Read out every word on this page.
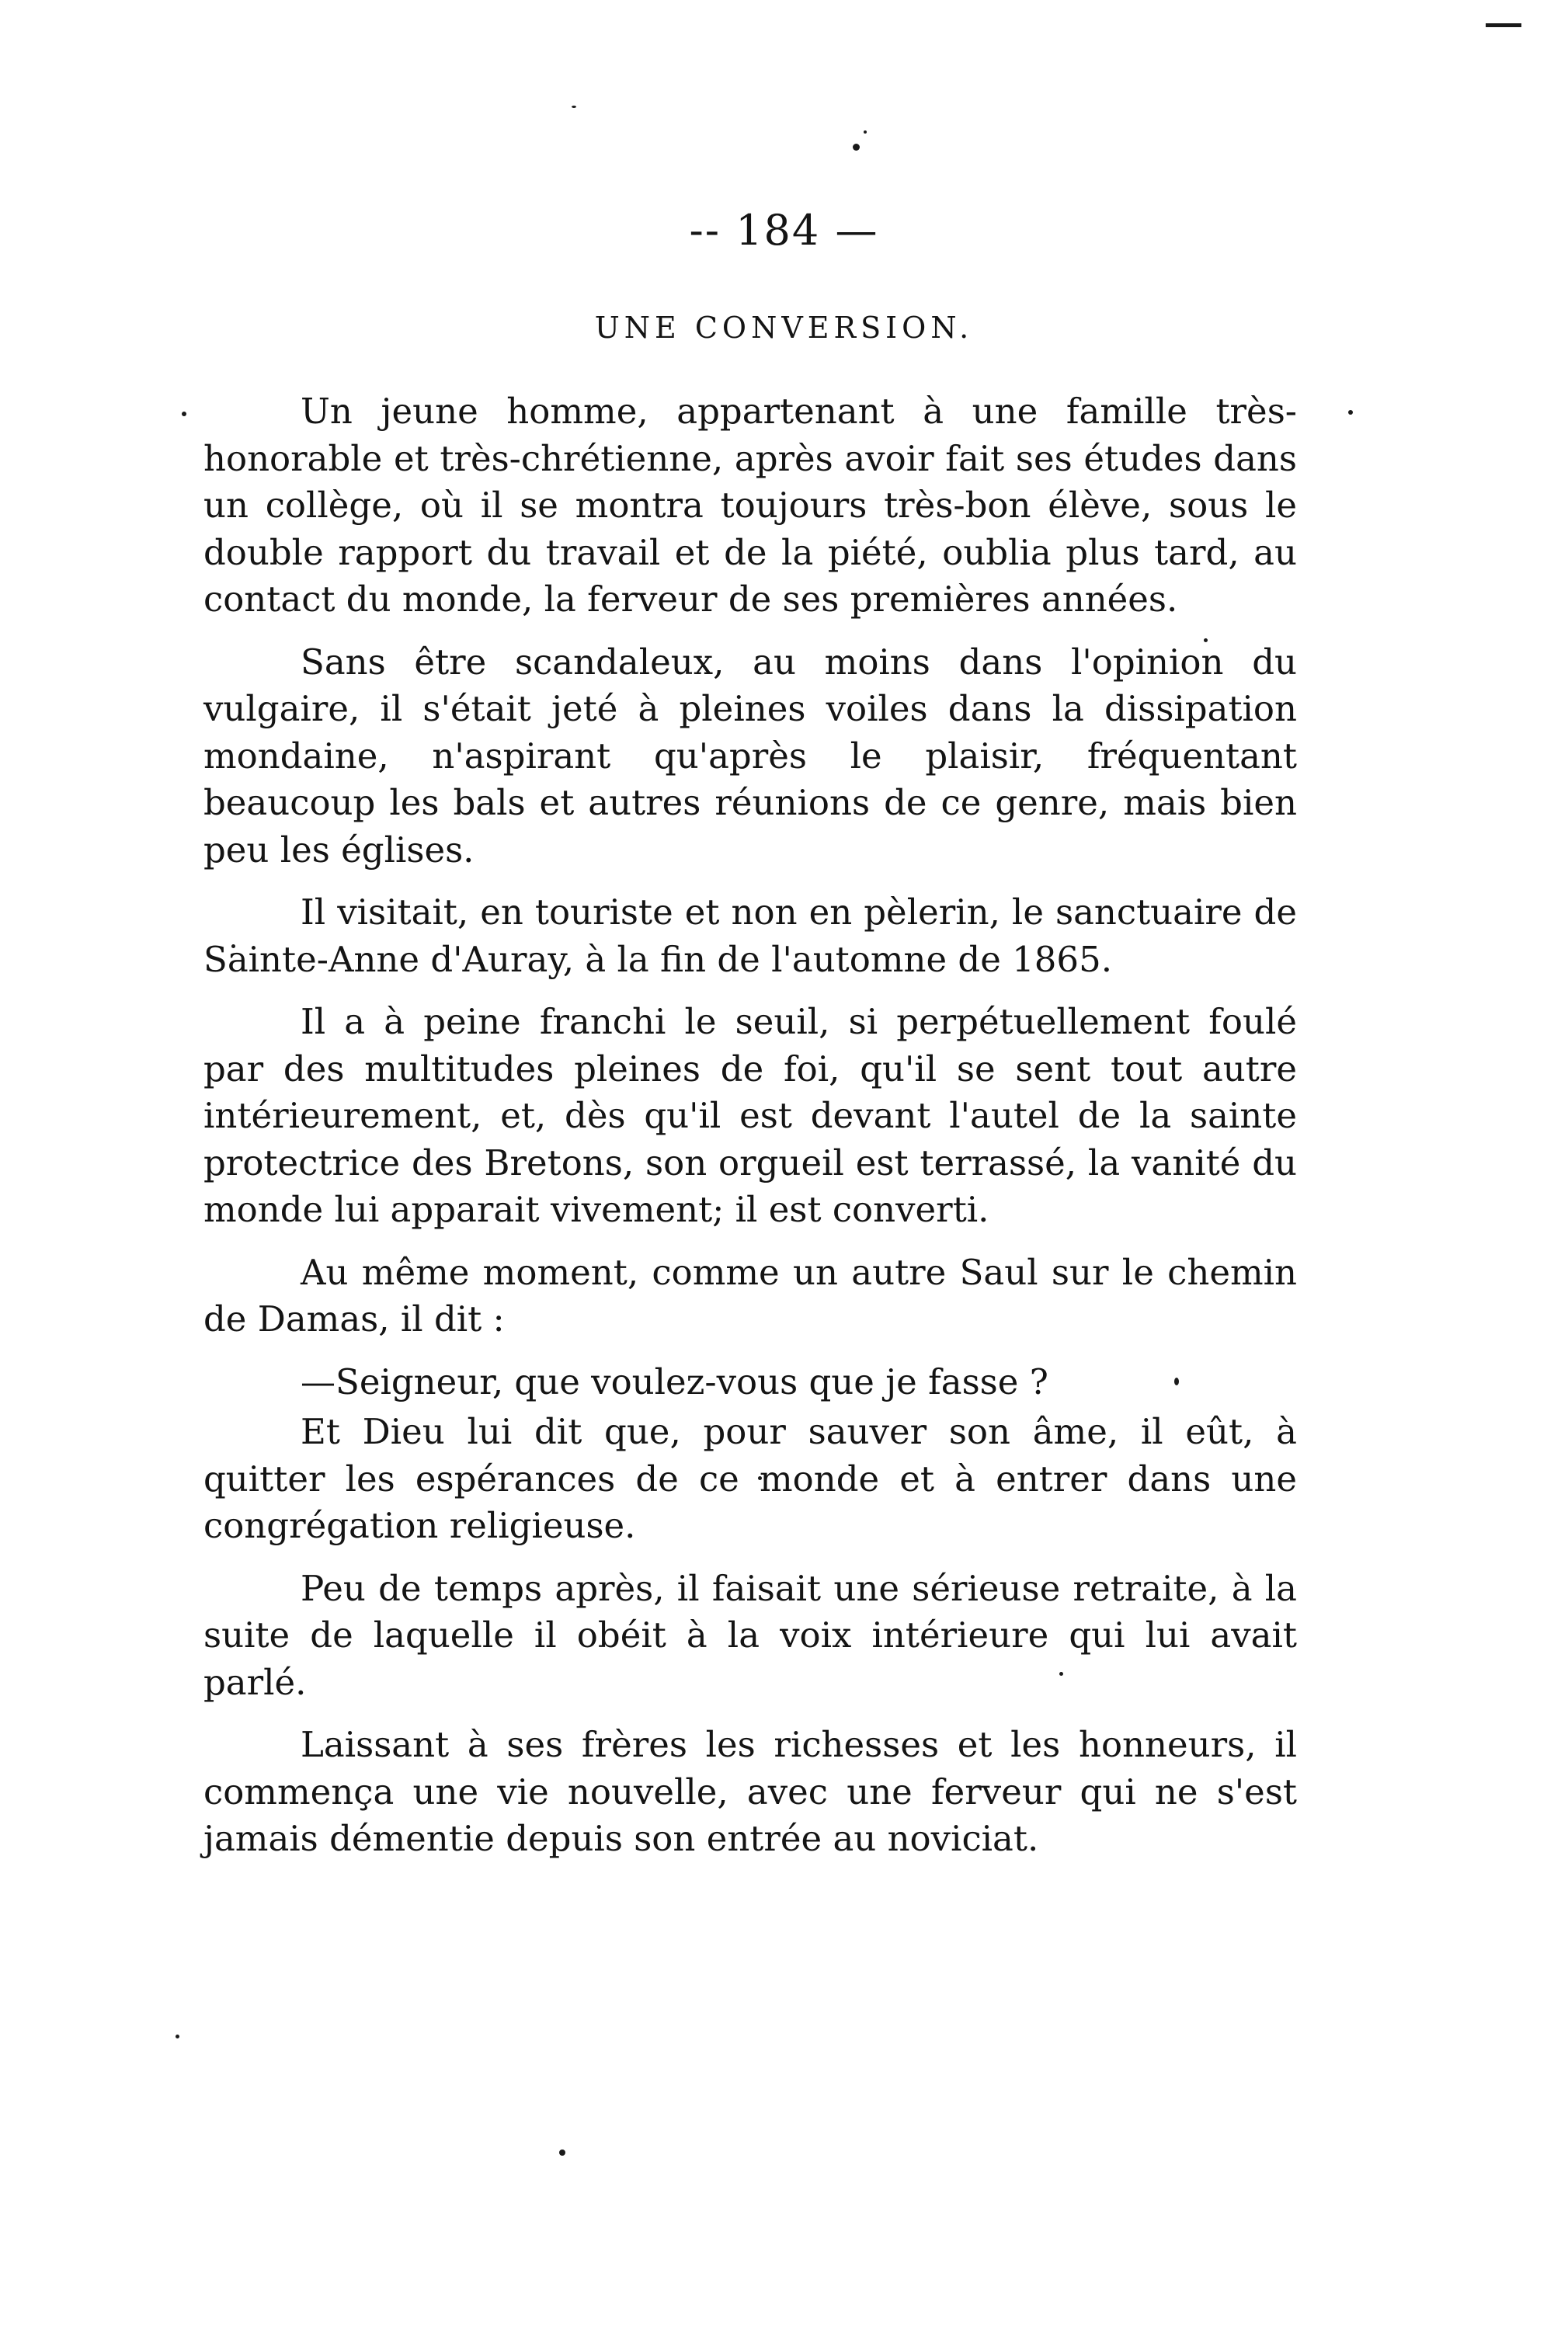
-- 184 —
UNE CONVERSION.

Un jeune homme, appartenant à une famille très-honorable et très-chrétienne, après avoir fait ses études dans un collège, où il se montra toujours très-bon élève, sous le double rapport du travail et de la piété, oublia plus tard, au contact du monde, la ferveur de ses premières années.

Sans être scandaleux, au moins dans l'opinion du vulgaire, il s'était jeté à pleines voiles dans la dissipation mondaine, n'aspirant qu'après le plaisir, fréquentant beaucoup les bals et autres réunions de ce genre, mais bien peu les églises.

Il visitait, en touriste et non en pèlerin, le sanctuaire de Sainte-Anne d'Auray, à la fin de l'automne de 1865.

Il a à peine franchi le seuil, si perpétuellement foulé par des multitudes pleines de foi, qu'il se sent tout autre intérieurement, et, dès qu'il est devant l'autel de la sainte protectrice des Bretons, son orgueil est terrassé, la vanité du monde lui apparait vivement; il est converti.

Au même moment, comme un autre Saul sur le chemin de Damas, il dit :

—Seigneur, que voulez-vous que je fasse ?

Et Dieu lui dit que, pour sauver son âme, il eût, à quitter les espérances de ce monde et à entrer dans une congrégation religieuse.

Peu de temps après, il faisait une sérieuse retraite, à la suite de laquelle il obéit à la voix intérieure qui lui avait parlé.

Laissant à ses frères les richesses et les honneurs, il commença une vie nouvelle, avec une ferveur qui ne s'est jamais démentie depuis son entrée au noviciat.
